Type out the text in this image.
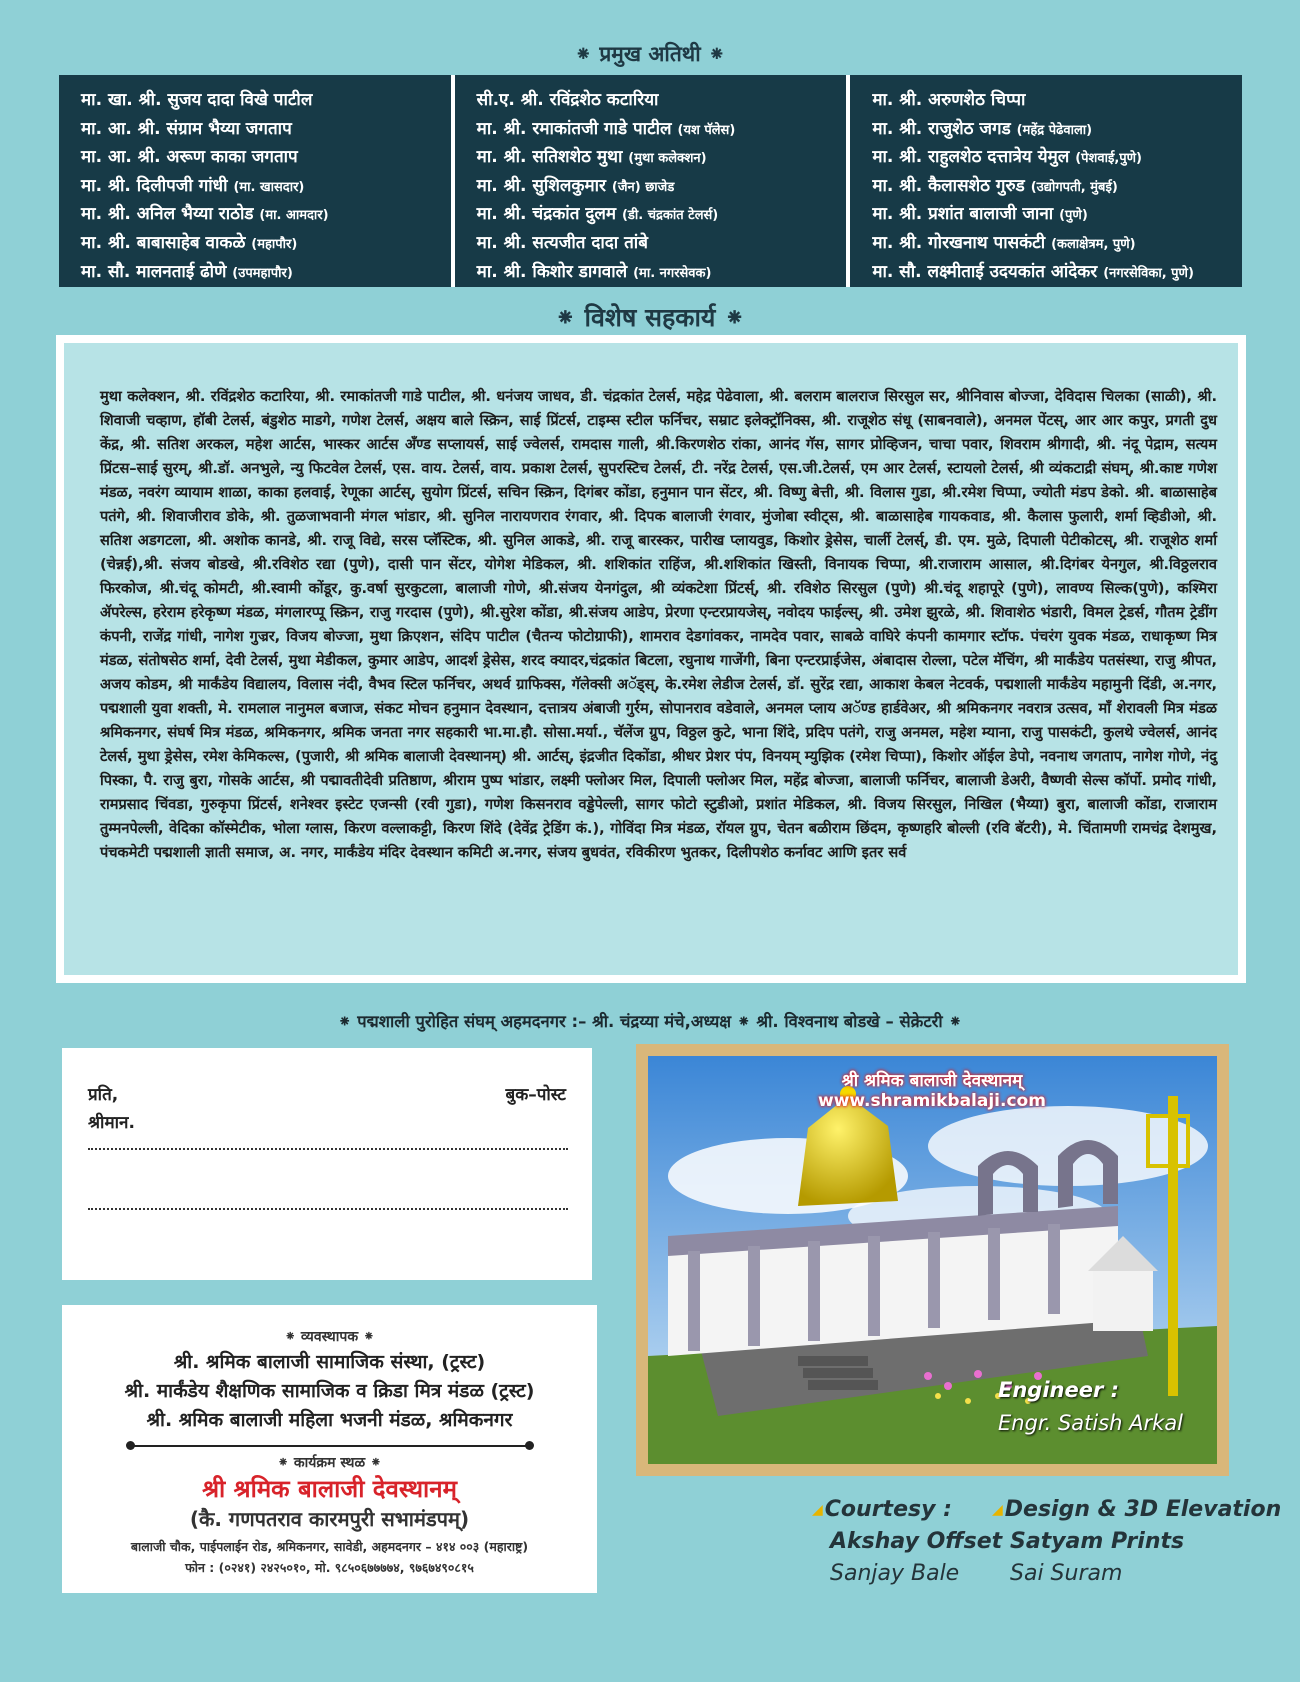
⁕ प्रमुख अतिथी ⁕
मा. खा. श्री. सुजय दादा विखे पाटील
मा. आ. श्री. संग्राम भैय्या जगताप
मा. आ. श्री. अरूण काका जगताप
मा. श्री. दिलीपजी गांधी (मा. खासदार)
मा. श्री. अनिल भैय्या राठोड (मा. आमदार)
मा. श्री. बाबासाहेब वाकळे (महापौर)
मा. सौ. मालनताई ढोणे (उपमहापौर)
सी.ए. श्री. रविंद्रशेठ कटारिया
मा. श्री. रमाकांतजी गाडे पाटील (यश पॅलेस)
मा. श्री. सतिशशेठ मुथा (मुथा कलेक्शन)
मा. श्री. सुशिलकुमार (जैन) छाजेड
मा. श्री. चंद्रकांत दुलम (डी. चंद्रकांत टेलर्स)
मा. श्री. सत्यजीत दादा तांबे
मा. श्री. किशोर डागवाले (मा. नगरसेवक)
मा. श्री. अरुणशेठ चिप्पा
मा. श्री. राजुशेठ जगड (महेंद्र पेढेवाला)
मा. श्री. राहुलशेठ दत्तात्रेय येमुल (पेशवाई,पुणे)
मा. श्री. कैलासशेठ गुरुड (उद्योगपती, मुंबई)
मा. श्री. प्रशांत बालाजी जाना (पुणे)
मा. श्री. गोरखनाथ पासकंटी (कलाक्षेत्रम, पुणे)
मा. सौ. लक्ष्मीताई उदयकांत आंदेकर (नगरसेविका, पुणे)
⁕ विशेष सहकार्य ⁕
मुथा कलेक्शन, श्री. रविंद्रशेठ कटारिया, श्री. रमाकांतजी गाडे पाटील, श्री. धनंजय जाधव, डी. चंद्रकांत टेलर्स, महेद्र पेढेवाला, श्री. बलराम बालराज सिरसुल सर, श्रीनिवास बोज्जा, देविदास चिलका (साळी), श्री. शिवाजी चव्हाण, हॉबी टेलर्स, बंडुशेठ माडगे, गणेश टेलर्स, अक्षय बाले स्क्रिन, साई प्रिंटर्स, टाइम्स स्टील फर्निचर, सम्राट इलेक्ट्रॉनिक्स, श्री. राजूशेठ संधू (साबनवाले), अनमल पेंटस्, आर आर कपुर, प्रगती दुध केंद्र, श्री. सतिश अरकल, महेश आर्टस, भास्कर आर्टस अँण्ड सप्लायर्स, साई ज्वेलर्स, रामदास गाली, श्री.किरणशेठ रांका, आनंद गॅस, सागर प्रोव्हिजन, चाचा पवार, शिवराम श्रीगादी, श्री. नंदू पेद्राम, सत्यम प्रिंटस–साई सुरम्, श्री.डॉ. अनभुले, न्यु फिटवेल टेलर्स, एस. वाय. टेलर्स, वाय. प्रकाश टेलर्स, सुपरस्टिच टेलर्स, टी. नरेंद्र टेलर्स, एस.जी.टेलर्स, एम आर टेलर्स, स्टायलो टेलर्स, श्री व्यंकटाद्री संघम्, श्री.काष्ट गणेश मंडळ, नवरंग व्यायाम शाळा, काका हलवाई, रेणूका आर्टस्, सुयोग प्रिंटर्स, सचिन स्क्रिन, दिगंबर कोंडा, हनुमान पान सेंटर, श्री. विष्णु बेत्ती, श्री. विलास गुडा, श्री.रमेश चिप्पा, ज्योती मंडप डेको. श्री. बाळासाहेब पतंगे, श्री. शिवाजीराव डोके, श्री. तुळजाभवानी मंगल भांडार, श्री. सुनिल नारायणराव रंगवार, श्री. दिपक बालाजी रंगवार, मुंजोबा स्वीट्स, श्री. बाळासाहेब गायकवाड, श्री. कैलास फुलारी, शर्मा व्हिडीओ, श्री. सतिश अडगटला, श्री. अशोक कानडे, श्री. राजू विद्ये, सरस प्लॅस्टिक, श्री. सुनिल आकडे, श्री. राजू बारस्कर, पारीख प्लायवुड, किशोर ड्रेसेस, चार्ली टेलर्स्, डी. एम. मुळे, दिपाली पेटीकोटस्, श्री. राजूशेठ शर्मा (चेन्नई),श्री. संजय बोडखे, श्री.रविशेठ रद्या (पुणे), दासी पान सेंटर, योगेश मेडिकल, श्री. शशिकांत राहिंज, श्री.शशिकांत खिस्ती, विनायक चिप्पा, श्री.राजाराम आसाल, श्री.दिगंबर येनगुल, श्री.विठ्ठलराव फिरकोज, श्री.चंदू कोमटी, श्री.स्वामी कोंडूर, कु.वर्षा सुरकुटला, बालाजी गोणे, श्री.संजय येनगंदुल, श्री व्यंकटेशा प्रिंटर्स्, श्री. रविशेठ सिरसुल (पुणे) श्री.चंदू शहापूरे (पुणे), लावण्य सिल्क(पुणे), कश्मिरा ॲपरेल्स, हरेराम हरेकृष्ण मंडळ, मंगलारप्पू स्क्रिन, राजु गरदास (पुणे), श्री.सुरेश कोंडा, श्री.संजय आडेप, प्रेरणा एन्टरप्रायजेस्, नवोदय फाईल्स्, श्री. उमेश झुरळे, श्री. शिवाशेठ भंडारी, विमल ट्रेडर्स, गौतम ट्रेडींग कंपनी, राजेंद्र गांधी, नागेश गुज्रर, विजय बोज्जा, मुथा क्रिएशन, संदिप पाटील (चैतन्य फोटोग्राफी), शामराव देडगांवकर, नामदेव पवार, साबळे वाघिरे कंपनी कामगार स्टॉफ. पंचरंग युवक मंडळ, राधाकृष्ण मित्र मंडळ, संतोषसेठ शर्मा, देवी टेलर्स, मुथा मेडीकल, कुमार आडेप, आदर्श ड्रेसेस, शरद क्यादर,चंद्रकांत बिटला, रघुनाथ गाजेंगी, बिना एन्टरप्राईजेस, अंबादास रोल्ला, पटेल मॅचिंग, श्री मार्कंडेय पतसंस्था, राजु श्रीपत, अजय कोडम, श्री मार्कंडेय विद्यालय, विलास नंदी, वैभव स्टिल फर्निचर, अथर्व ग्राफिक्स, गॅलेक्सी अॅड्स्, के.रमेश लेडीज टेलर्स, डॉ. सुरेंद्र रद्या, आकाश केबल नेटवर्क, पद्मशाली मार्कंडेय महामुनी दिंडी, अ.नगर, पद्मशाली युवा शक्ती, मे. रामलाल नानुमल बजाज, संकट मोचन हनुमान देवस्थान, दत्तात्रय अंबाजी गुर्रम, सोपानराव वडेवाले, अनमल प्लाय अॅण्ड हार्डवेअर, श्री श्रमिकनगर नवरात्र उत्सव, माँ शेरावली मित्र मंडळ श्रमिकनगर, संघर्ष मित्र मंडळ, श्रमिकनगर, श्रमिक जनता नगर सहकारी भा.मा.हौ. सोसा.मर्या., चॅलेंज ग्रुप, विठ्ठल कुटे, भाना शिंदे, प्रदिप पतंगे, राजु अनमल, महेश म्याना, राजु पासकंटी, कुलथे ज्वेलर्स, आनंद टेलर्स, मुथा ड्रेसेस, रमेश केमिकल्स, (पुजारी, श्री श्रमिक बालाजी देवस्थानम्) श्री. आर्टस्, इंद्रजीत दिकोंडा, श्रीधर प्रेशर पंप, विनयम् म्युझिक (रमेश चिप्पा), किशोर ऑईल डेपो, नवनाथ जगताप, नागेश गोणे, नंदु पिस्का, पै. राजु बुरा, गोसके आर्टस, श्री पद्मावतीदेवी प्रतिष्ठाण, श्रीराम पुष्प भांडार, लक्ष्मी फ्लोअर मिल, दिपाली फ्लोअर मिल, महेंद्र बोज्जा, बालाजी फर्निचर, बालाजी डेअरी, वैष्णवी सेल्स कॉर्पो. प्रमोद गांधी, रामप्रसाद चिंवडा, गुरुकृपा प्रिंटर्स, शनेश्वर इस्टेट एजन्सी (रवी गुडा), गणेश किसनराव वड्डेपेल्ली, सागर फोटो स्टुडीओ, प्रशांत मेडिकल, श्री. विजय सिरसुल, निखिल (भैय्या) बुरा, बालाजी कोंडा, राजाराम तुम्मनपेल्ली, वेदिका कॉस्मेटीक, भोला ग्लास, किरण वल्लाकट्टी, किरण शिंदे (देवेंद्र ट्रेडिंग कं.), गोविंदा मित्र मंडळ, रॉयल ग्रुप, चेतन बळीराम छिंदम, कृष्णहरि बोल्ली (रवि बॅटरी), मे. चिंतामणी रामचंद्र देशमुख, पंचकमेटी पद्मशाली ज्ञाती समाज, अ. नगर, मार्कंडेय मंदिर देवस्थान कमिटी अ.नगर, संजय बुधवंत, रविकीरण भुतकर, दिलीपशेठ कर्नावट आणि इतर सर्व
⁕ पद्मशाली पुरोहित संघम् अहमदनगर :– श्री. चंद्रय्या मंचे,अध्यक्ष ⁕ श्री. विश्वनाथ बोडखे – सेक्रेटरी ⁕
प्रति,	बुक–पोस्ट
श्रीमान.
⁕ व्यवस्थापक ⁕
श्री. श्रमिक बालाजी सामाजिक संस्था, (ट्रस्ट)
श्री. मार्कंडेय शैक्षणिक सामाजिक व क्रिडा मित्र मंडळ (ट्रस्ट)
श्री. श्रमिक बालाजी महिला भजनी मंडळ, श्रमिकनगर
⁕ कार्यक्रम स्थळ ⁕
श्री श्रमिक बालाजी देवस्थानम्
(कै. गणपतराव कारमपुरी सभामंडपम्)
बालाजी चौक, पाईपलाईन रोड, श्रमिकनगर, सावेडी, अहमदनगर – ४१४ ००३ (महाराष्ट्र)
फोन : (०२४१) २४२५०१०, मो. ९८५०६७७७७४, ९७६७४९०८१५
श्री श्रमिक बालाजी देवस्थानम्
www.shramikbalaji.com
Engineer :
Engr. Satish Arkal
◢Courtesy :
Akshay Offset
Sanjay Bale
◢Design & 3D Elevation
Satyam Prints
Sai Suram
